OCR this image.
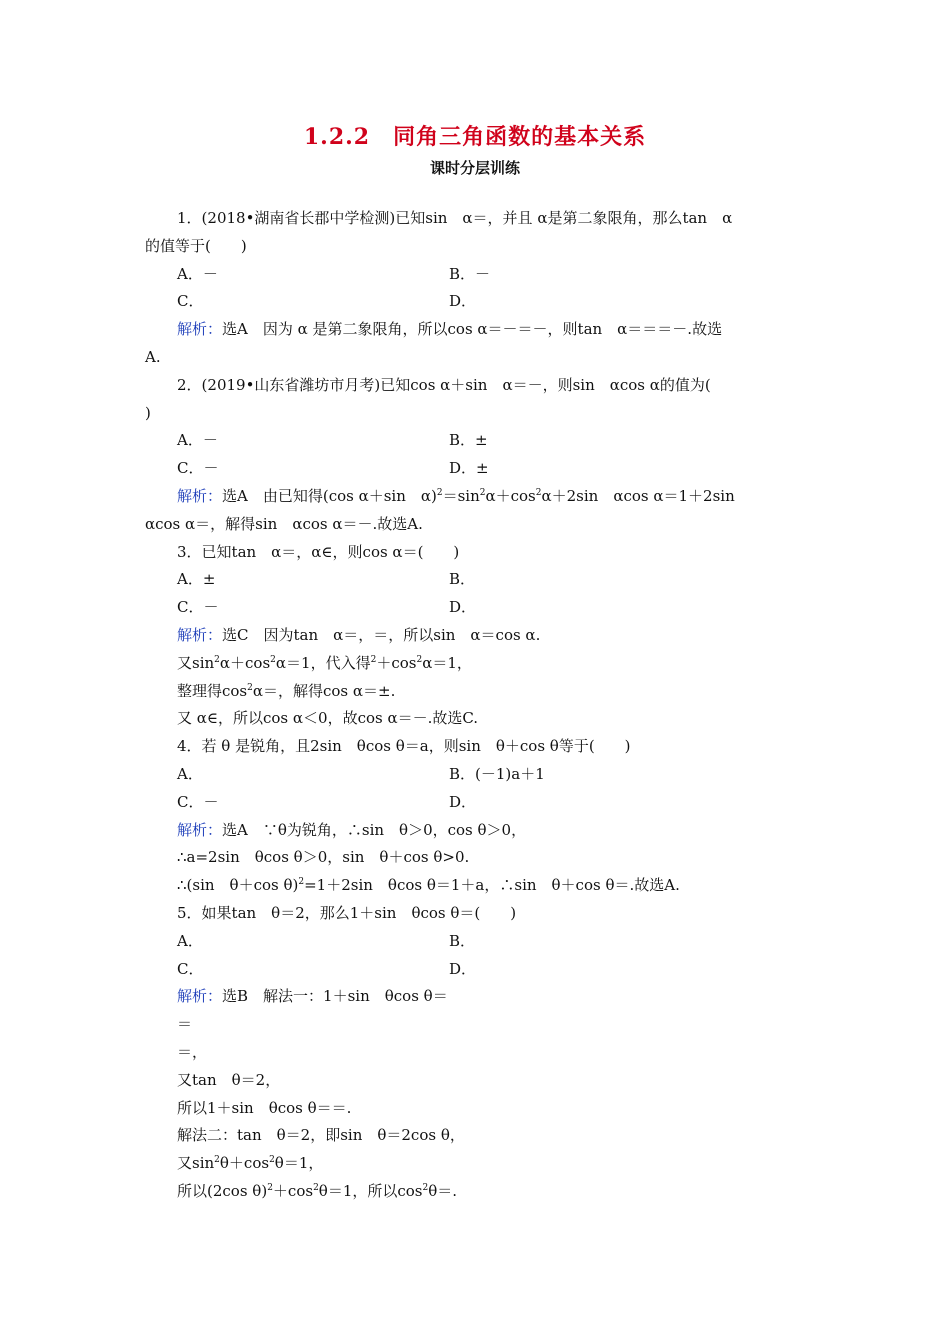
1.2.2　同角三角函数的基本关系
课时分层训练
1．(2018•湖南省长郡中学检测)已知sin　α＝，并且 α是第二象限角，那么tan　α
的值等于(　　)
A．－	B．－
C．	D．
解析：选A　因为 α 是第二象限角，所以cos α＝－＝－，则tan　α＝＝＝－.故选
A.
2．(2019•山东省潍坊市月考)已知cos α＋sin　α＝－，则sin　αcos α的值为(
)
A．－	B．±
C．－	D．±
解析：选A　由已知得(cos α＋sin　$\alpha)^2=\sin^2\alpha+\cos^2\alpha+2\sin$　αcos α＝1＋2sin
αcos α＝，解得sin　αcos α＝－.故选A.
3．已知tan　α＝，α∈，则cos α＝(　　)
A．±	B．
C．－	D．
解析：选C　因为tan　α＝，＝，所以sin　α＝cos α.
又$\sin^2\alpha+\cos^2\alpha=1$，代入得$^2+\cos^2\alpha=1$，
整理得$\cos^2\alpha=$，解得cos α＝±.
又 α∈，所以cos α＜0，故cos α＝－.故选C.
4．若 θ 是锐角，且2sin　θcos θ＝a，则sin　θ＋cos θ等于(　　)
A．	B．(－1)a＋1
C．－	D．
解析：选A　∵θ为锐角，∴sin　θ＞0，cos θ＞0，
∴a=2sin　θcos θ＞0，sin　θ＋cos θ>0.
∴(sin　θ＋cos θ)$^2$=1＋2sin　θcos θ＝1＋a，∴sin　θ＋cos θ＝.故选A.
5．如果tan　θ＝2，那么1＋sin　θcos θ＝(　　)
A．	B．
C．	D．
解析：选B　解法一：1＋sin　θcos θ＝
＝
＝，
又tan　θ＝2，
所以1＋sin　θcos θ＝＝.
解法二：tan　θ＝2，即sin　θ＝2cos θ，
又$\sin^2\theta+\cos^2\theta=1$，
所以(2cos $\theta)^2+\cos^2\theta=1$，所以$\cos^2\theta=$.
